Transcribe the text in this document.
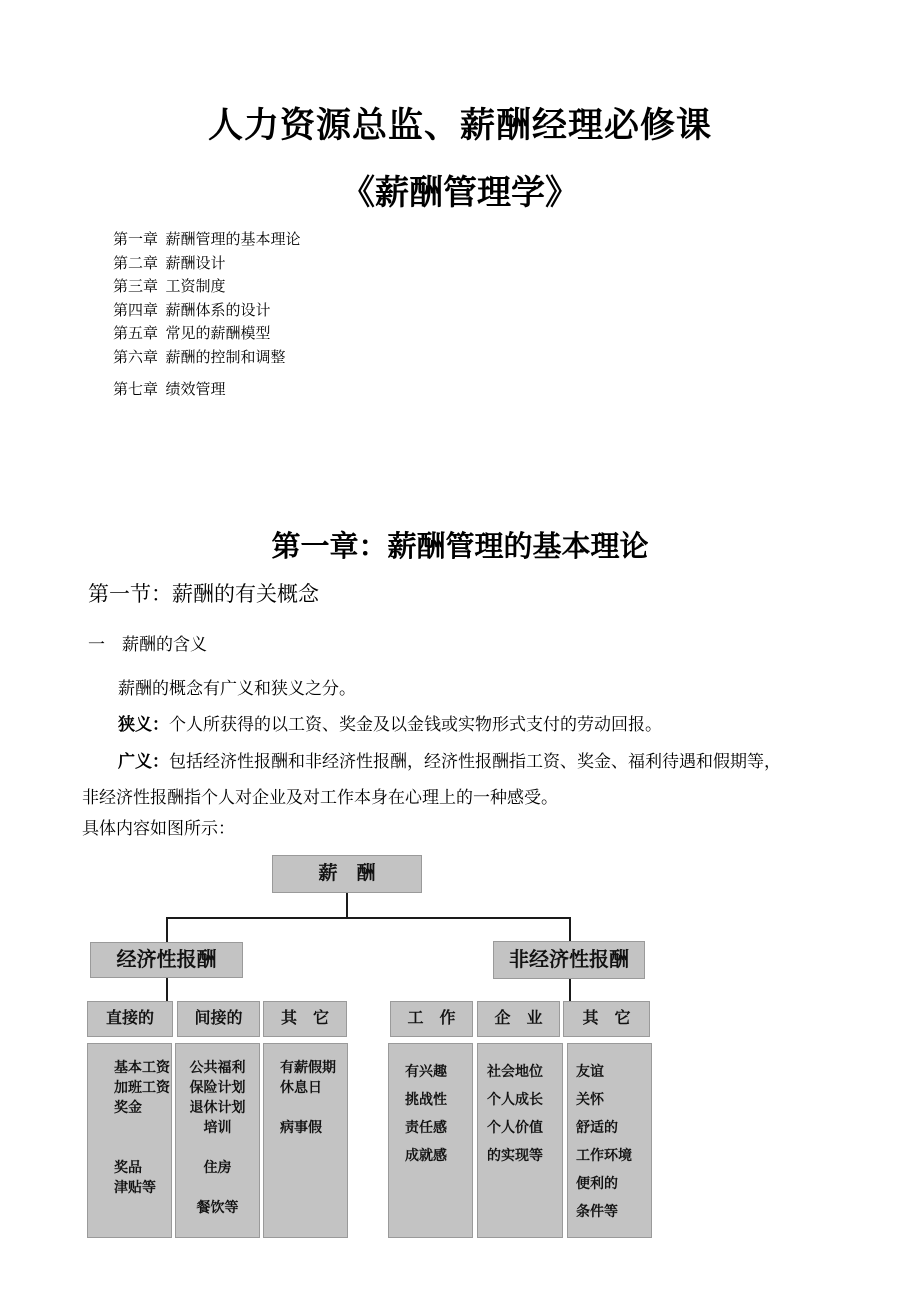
人力资源总监、薪酬经理必修课
《薪酬管理学》
第一章  薪酬管理的基本理论
第二章  薪酬设计
第三章  工资制度
第四章  薪酬体系的设计
第五章  常见的薪酬模型
第六章  薪酬的控制和调整
第七章  绩效管理
第一章：薪酬管理的基本理论
第一节：薪酬的有关概念
一 薪酬的含义
薪酬的概念有广义和狭义之分。
狭义：个人所获得的以工资、奖金及以金钱或实物形式支付的劳动回报。
广义：包括经济性报酬和非经济性报酬，经济性报酬指工资、奖金、福利待遇和假期等，
非经济性报酬指个人对企业及对工作本身在心理上的一种感受。
具体内容如图所示：
薪　酬
经济性报酬	非经济性报酬
直接的	间接的	其　它	工　作	企　业	其　它
基本工资
加班工资
奖金
奖品
津贴等
公共福利
保险计划
退休计划
培训
住房
餐饮等
有薪假期
休息日
病事假
有兴趣
挑战性
责任感
成就感
社会地位
个人成长
个人价值
的实现等
友谊
关怀
舒适的
工作环境
便利的
条件等
